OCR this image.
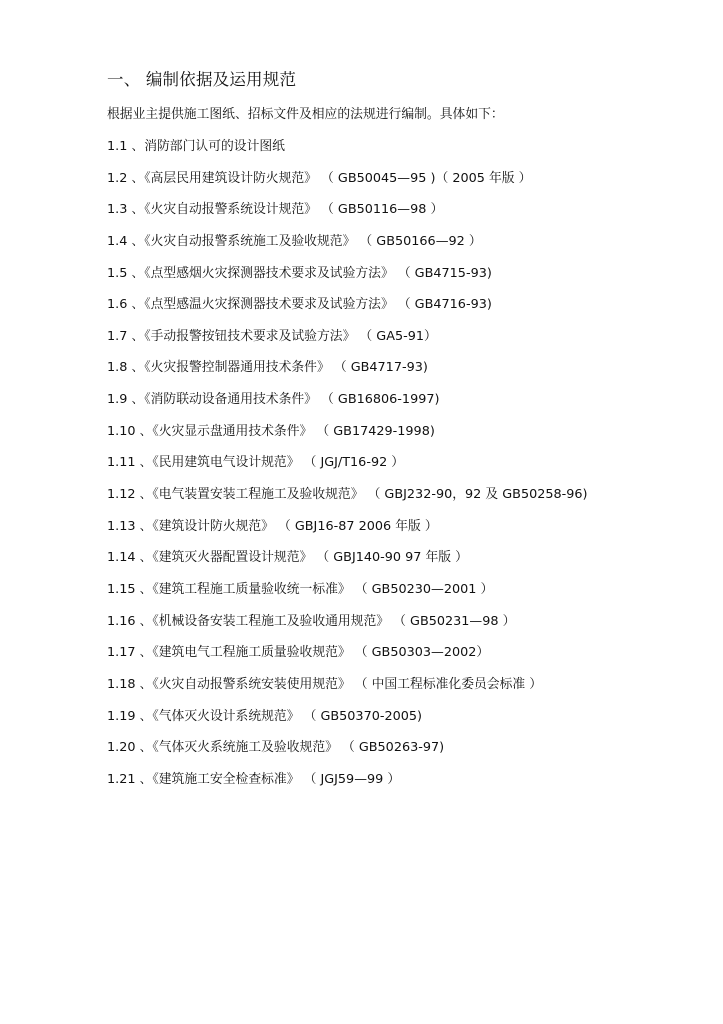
一、 编制依据及运用规范
根据业主提供施工图纸、招标文件及相应的法规进行编制。具体如下：
1.1 、消防部门认可的设计图纸
1.2 、《高层民用建筑设计防火规范》 （ GB50045—95 )（ 2005 年版 ）
1.3 、《火灾自动报警系统设计规范》 （ GB50116—98 ）
1.4 、《火灾自动报警系统施工及验收规范》 （ GB50166—92 ）
1.5 、《点型感烟火灾探测器技术要求及试验方法》 （ GB4715-93)
1.6 、《点型感温火灾探测器技术要求及试验方法》 （ GB4716-93)
1.7 、《手动报警按钮技术要求及试验方法》 （ GA5-91）
1.8 、《火灾报警控制器通用技术条件》 （ GB4717-93)
1.9 、《消防联动设备通用技术条件》 （ GB16806-1997)
1.10 、《火灾显示盘通用技术条件》 （ GB17429-1998)
1.11 、《民用建筑电气设计规范》 （ JGJ/T16-92 ）
1.12 、《电气装置安装工程施工及验收规范》 （ GBJ232-90，92 及 GB50258-96)
1.13 、《建筑设计防火规范》 （ GBJ16-87 2006 年版 ）
1.14 、《建筑灭火器配置设计规范》 （ GBJ140-90 97 年版 ）
1.15 、《建筑工程施工质量验收统一标准》 （ GB50230—2001 ）
1.16 、《机械设备安装工程施工及验收通用规范》 （ GB50231—98 ）
1.17 、《建筑电气工程施工质量验收规范》 （ GB50303—2002）
1.18 、《火灾自动报警系统安装使用规范》 （ 中国工程标准化委员会标准 ）
1.19 、《气体灭火设计系统规范》 （ GB50370-2005)
1.20 、《气体灭火系统施工及验收规范》 （ GB50263-97)
1.21 、《建筑施工安全检查标准》 （ JGJ59—99 ）
